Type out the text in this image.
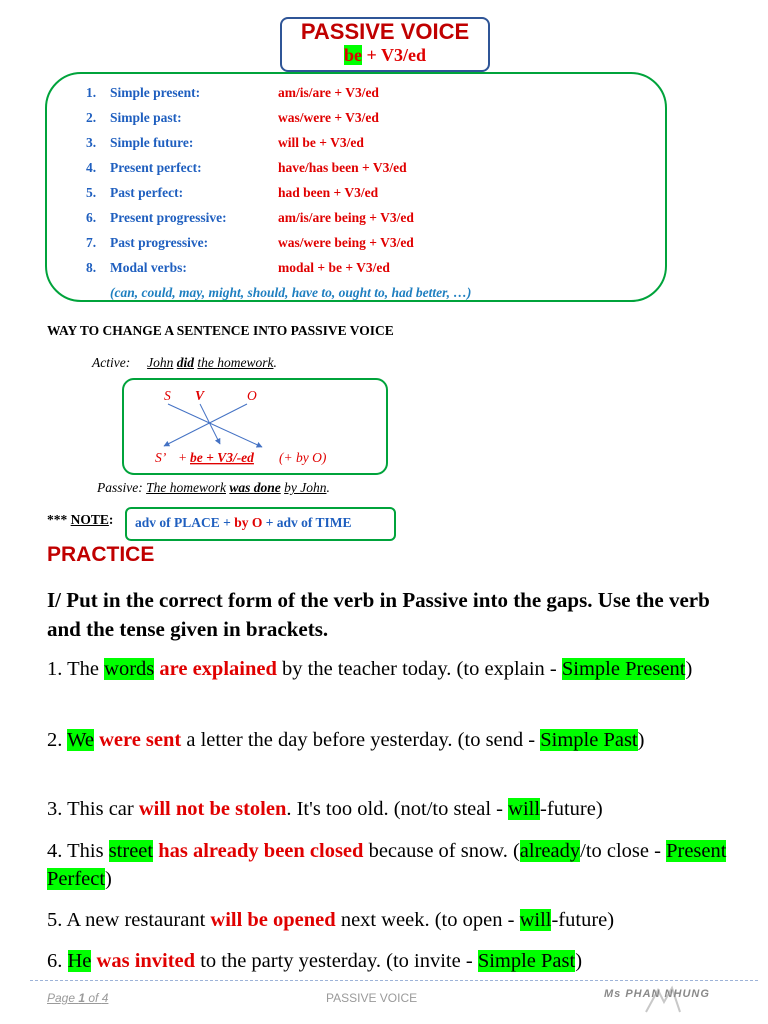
PASSIVE VOICE
be + V3/ed
1. Simple present:	am/is/are + V3/ed
2. Simple past:	was/were + V3/ed
3. Simple future:	will be + V3/ed
4. Present perfect:	have/has been + V3/ed
5. Past perfect:	had been + V3/ed
6. Present progressive:	am/is/are being + V3/ed
7. Past progressive:	was/were being + V3/ed
8. Modal verbs:	modal + be + V3/ed
(can, could, may, might, should, have to, ought to, had better, …)
WAY TO CHANGE A SENTENCE INTO PASSIVE VOICE
Active: John did the homework.
S V	O
S’ + be + V3/-ed (+ by O)
Passive: The homework was done by John.
*** NOTE:	adv of PLACE + by O + adv of TIME
PRACTICE
I/ Put in the correct form of the verb in Passive into the gaps. Use the verb and the tense given in brackets.
1. The words are explained by the teacher today. (to explain - Simple Present)
2. We were sent a letter the day before yesterday. (to send - Simple Past)
3. This car will not be stolen. It's too old. (not/to steal - will-future)
4. This street has already been closed because of snow. (already/to close - Present Perfect)
5. A new restaurant will be opened next week. (to open - will-future)
6. He was invited to the party yesterday. (to invite - Simple Past)
Page 1 of 4	PASSIVE VOICE	Ms PHAN NHUNG
